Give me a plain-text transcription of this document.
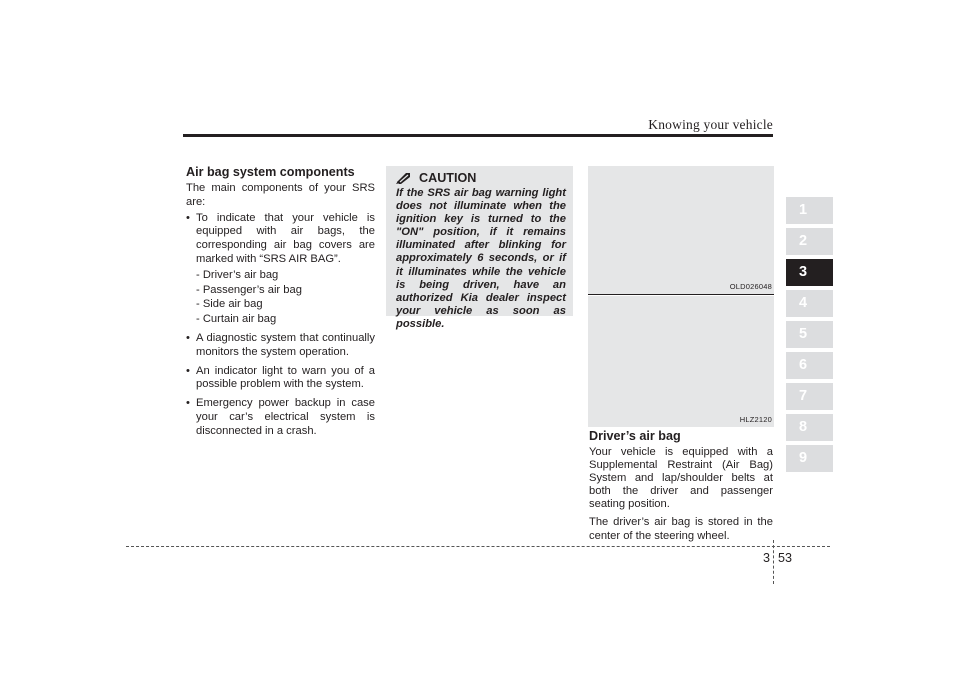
Knowing your vehicle
Air bag system components
The main components of your SRS are:
• To indicate that your vehicle is equipped with air bags, the corresponding air bag covers are marked with “SRS AIR BAG”.
- Driver’s air bag
- Passenger’s air bag
- Side air bag
- Curtain air bag
• A diagnostic system that continually monitors the system operation.
• An indicator light to warn you of a possible problem with the system.
• Emergency power backup in case your car’s electrical system is disconnected in a crash.
CAUTION
If the SRS air bag warning light does not illuminate when the ignition key is turned to the "ON" position, if it remains illuminated after blinking for approximately 6 seconds, or if it illuminates while the vehicle is being driven, have an authorized Kia dealer inspect your vehicle as soon as possible.
OLD026048
HLZ2120
Driver’s air bag
Your vehicle is equipped with a Supplemental Restraint (Air Bag) System and lap/shoulder belts at both the driver and passenger seating position.
The driver’s air bag is stored in the center of the steering wheel.
1
2
3
4
5
6
7
8
9
3 53
